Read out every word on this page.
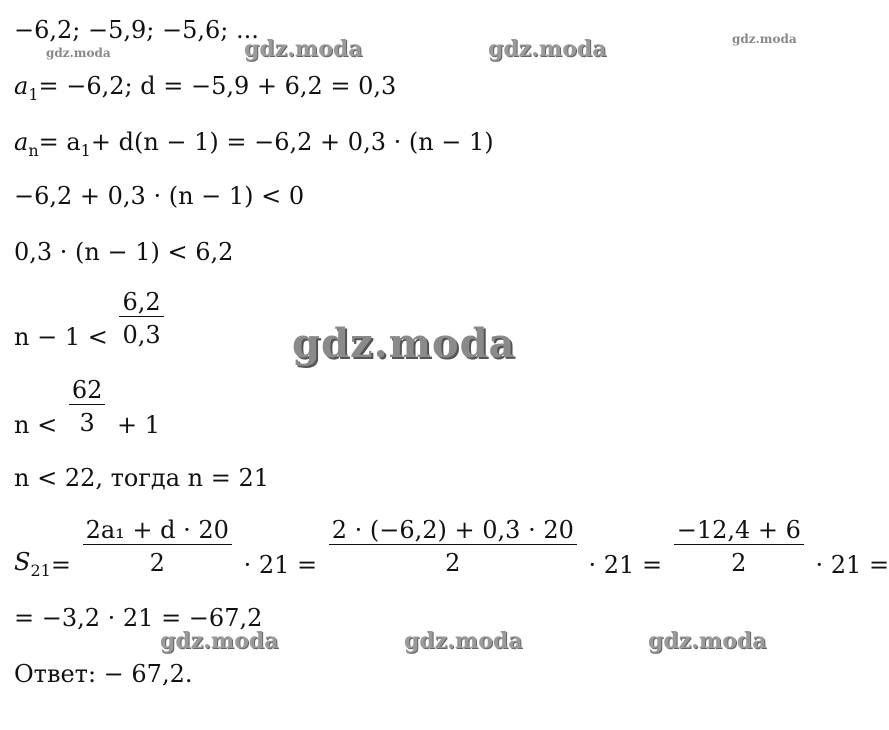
−6,2; −5,9; −5,6; ...
$a_1= -6,2$; d = −5,9 + 6,2 = 0,3
$a_n= a_1+ d(n - 1) = -6,2 + 0,3 \cdot (n - 1)$
−6,2 + 0,3 · (n − 1) < 0
0,3 · (n − 1) < 6,2
$n - 1 < \frac{6,2}{0,3}$
$n < \frac{62}{3} + 1$
n < 22, тогда n = 21
$S_{21}= \frac{\text{2a₁ + d · 20}}{2} \cdot 21 = \frac{2 \cdot (-6,2) + 0,3 \cdot 20}{2} \cdot 21 = \frac{-12,4 + 6}{2} \cdot 21$ =
= −3,2 · 21 = −67,2
Ответ: − 67,2.
gdz.moda	gdz.moda	gdz.moda	gdz.moda
gdz.moda
gdz.moda	gdz.moda	gdz.moda
